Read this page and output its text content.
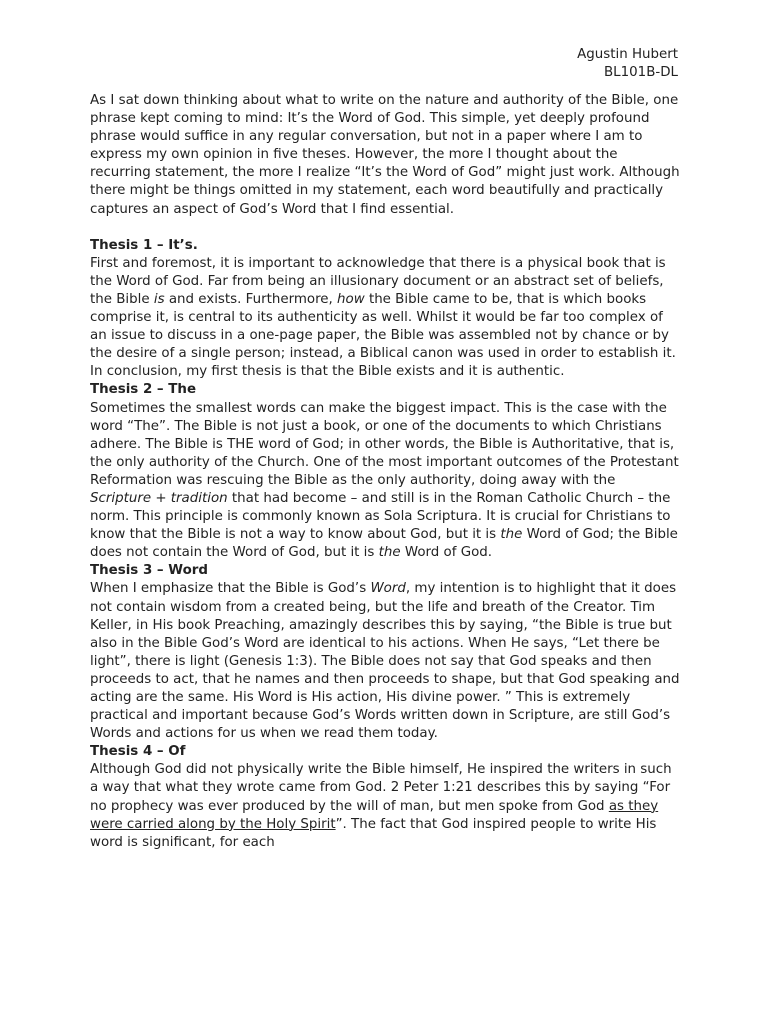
Agustin Hubert
BL101B-DL

As I sat down thinking about what to write on the nature and authority of the Bible, one phrase kept coming to mind: It’s the Word of God. This simple, yet deeply profound phrase would suffice in any regular conversation, but not in a paper where I am to express my own opinion in five theses. However, the more I thought about the recurring statement, the more I realize “It’s the Word of God” might just work. Although there might be things omitted in my statement, each word beautifully and practically captures an aspect of God’s Word that I find essential.

Thesis 1 – It’s.

First and foremost, it is important to acknowledge that there is a physical book that is the Word of God. Far from being an illusionary document or an abstract set of beliefs, the Bible is and exists. Furthermore, how the Bible came to be, that is which books comprise it, is central to its authenticity as well. Whilst it would be far too complex of an issue to discuss in a one-page paper, the Bible was assembled not by chance or by the desire of a single person; instead, a Biblical canon was used in order to establish it. In conclusion, my first thesis is that the Bible exists and it is authentic.

Thesis 2 – The

Sometimes the smallest words can make the biggest impact. This is the case with the word “The”. The Bible is not just a book, or one of the documents to which Christians adhere. The Bible is THE word of God; in other words, the Bible is Authoritative, that is, the only authority of the Church. One of the most important outcomes of the Protestant Reformation was rescuing the Bible as the only authority, doing away with the Scripture + tradition that had become – and still is in the Roman Catholic Church – the norm. This principle is commonly known as Sola Scriptura. It is crucial for Christians to know that the Bible is not a way to know about God, but it is the Word of God; the Bible does not contain the Word of God, but it is the Word of God.

Thesis 3 – Word

When I emphasize that the Bible is God’s Word, my intention is to highlight that it does not contain wisdom from a created being, but the life and breath of the Creator. Tim Keller, in His book Preaching, amazingly describes this by saying, “the Bible is true but also in the Bible God’s Word are identical to his actions. When He says, “Let there be light”, there is light (Genesis 1:3). The Bible does not say that God speaks and then proceeds to act, that he names and then proceeds to shape, but that God speaking and acting are the same. His Word is His action, His divine power. ” This is extremely practical and important because God’s Words written down in Scripture, are still God’s Words and actions for us when we read them today.

Thesis 4 – Of

Although God did not physically write the Bible himself, He inspired the writers in such a way that what they wrote came from God. 2 Peter 1:21 describes this by saying “For no prophecy was ever produced by the will of man, but men spoke from God as they were carried along by the Holy Spirit”. The fact that God inspired people to write His word is significant, for each
